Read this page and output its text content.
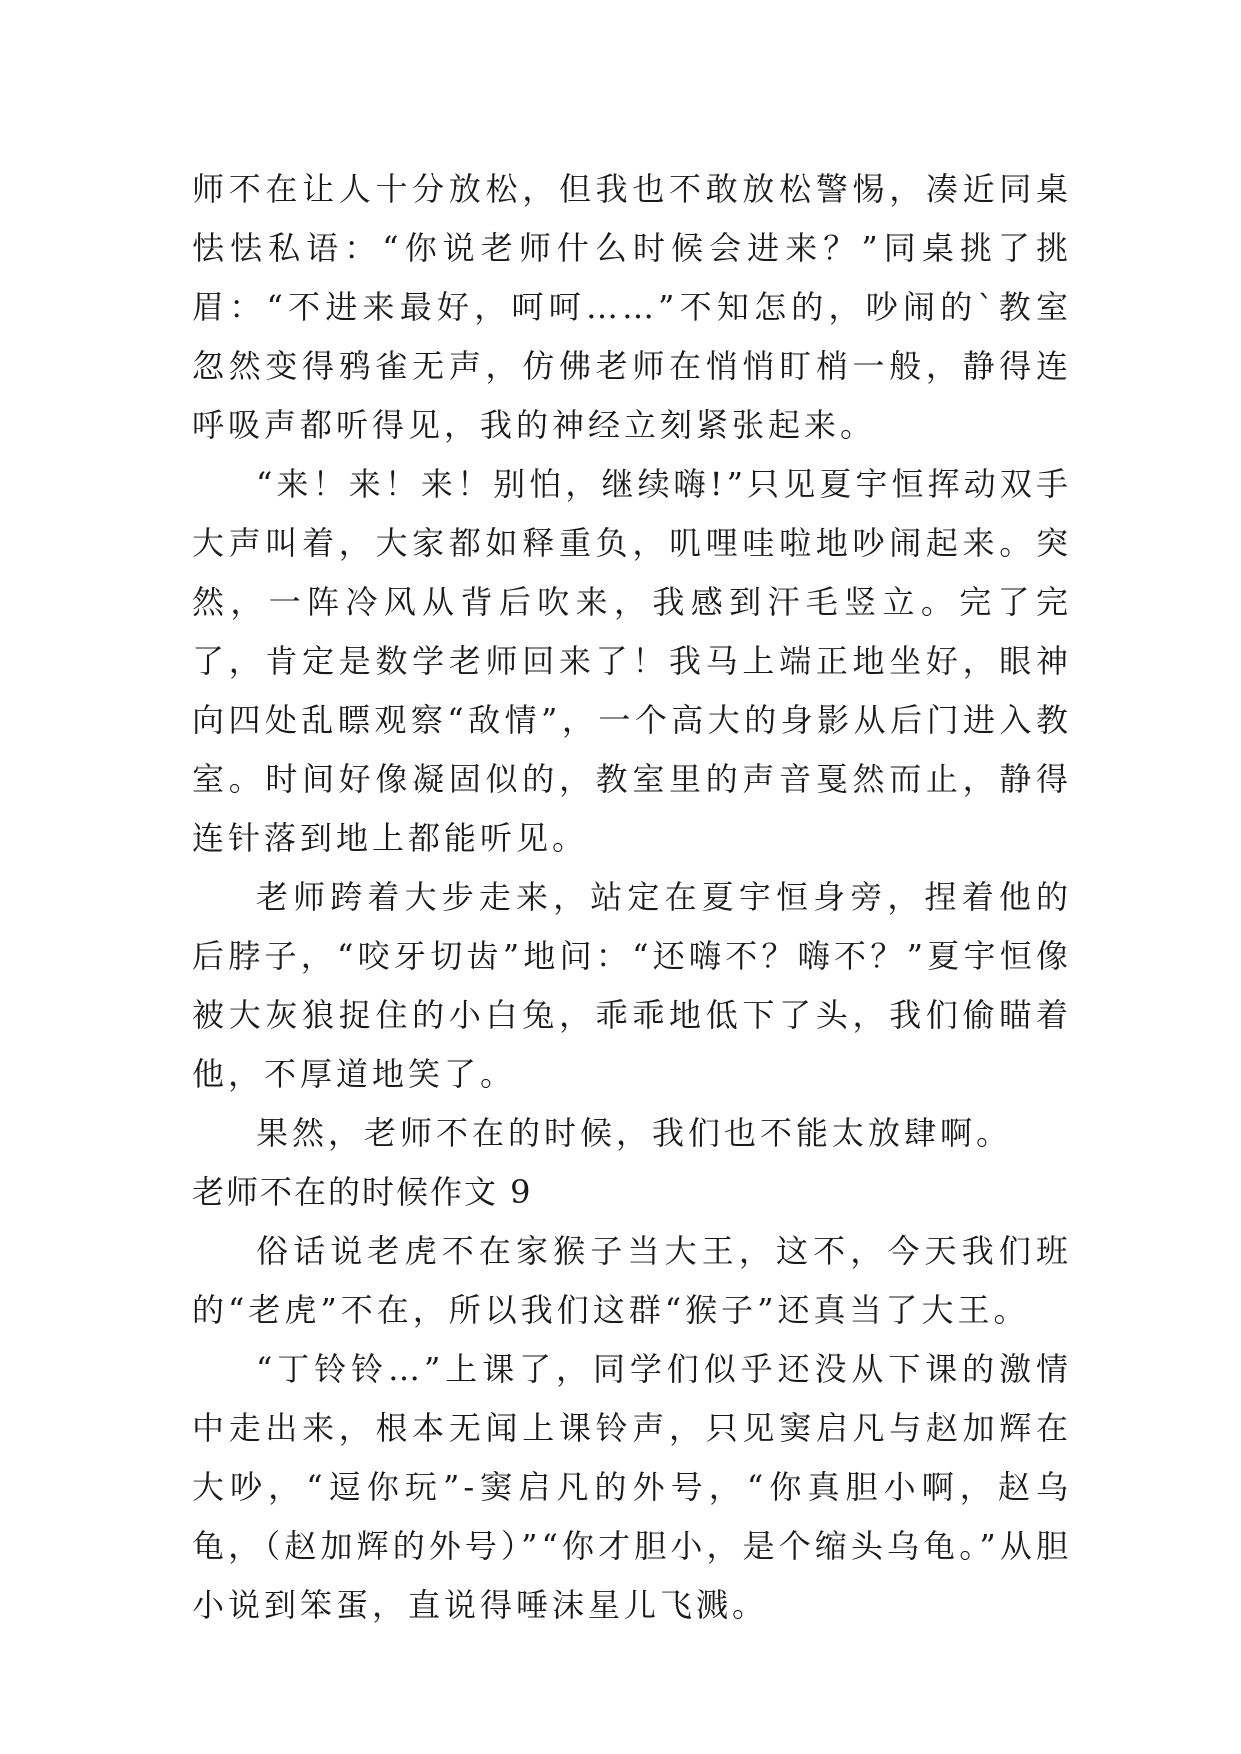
师不在让人十分放松，但我也不敢放松警惕，凑近同桌怯怯私语：“你说老师什么时候会进来？”同桌挑了挑眉：“不进来最好，呵呵……”不知怎的，吵闹的`教室忽然变得鸦雀无声，仿佛老师在悄悄盯梢一般，静得连呼吸声都听得见，我的神经立刻紧张起来。

“来！来！来！别怕，继续嗨!”只见夏宇恒挥动双手大声叫着，大家都如释重负，叽哩哇啦地吵闹起来。突然，一阵冷风从背后吹来，我感到汗毛竖立。完了完了，肯定是数学老师回来了！我马上端正地坐好，眼神向四处乱瞟观察“敌情”，一个高大的身影从后门进入教室。时间好像凝固似的，教室里的声音戛然而止，静得连针落到地上都能听见。

老师跨着大步走来，站定在夏宇恒身旁，捏着他的后脖子，“咬牙切齿”地问：“还嗨不？嗨不？”夏宇恒像被大灰狼捉住的小白兔，乖乖地低下了头，我们偷瞄着他，不厚道地笑了。

果然，老师不在的时候，我们也不能太放肆啊。

老师不在的时候作文 9

俗话说老虎不在家猴子当大王，这不，今天我们班的“老虎”不在，所以我们这群“猴子”还真当了大王。

“丁铃铃…”上课了，同学们似乎还没从下课的激情中走出来，根本无闻上课铃声，只见窦启凡与赵加辉在大吵，“逗你玩”-窦启凡的外号，“你真胆小啊，赵乌龟，（赵加辉的外号）”“你才胆小，是个缩头乌龟。”从胆小说到笨蛋，直说得唾沫星儿飞溅。
